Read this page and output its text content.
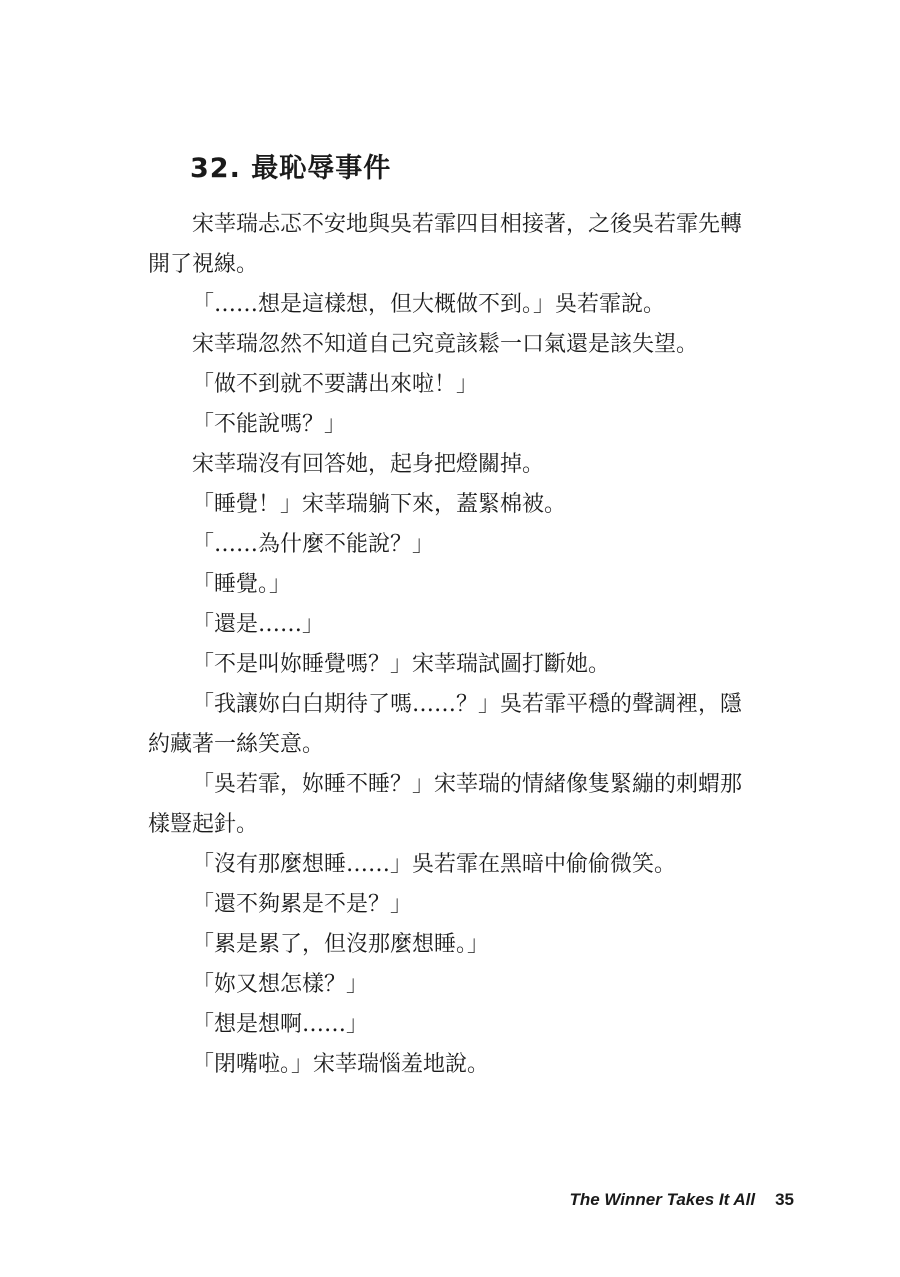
32. 最恥辱事件

宋莘瑞忐忑不安地與吳若霏四目相接著，之後吳若霏先轉開了視線。

「……想是這樣想，但大概做不到。」吳若霏說。

宋莘瑞忽然不知道自己究竟該鬆一口氣還是該失望。

「做不到就不要講出來啦！」

「不能說嗎？」

宋莘瑞沒有回答她，起身把燈關掉。

「睡覺！」宋莘瑞躺下來，蓋緊棉被。

「……為什麼不能說？」

「睡覺。」

「還是……」

「不是叫妳睡覺嗎？」宋莘瑞試圖打斷她。

「我讓妳白白期待了嗎……？」吳若霏平穩的聲調裡，隱約藏著一絲笑意。

「吳若霏，妳睡不睡？」宋莘瑞的情緒像隻緊繃的刺蝟那樣豎起針。

「沒有那麼想睡……」吳若霏在黑暗中偷偷微笑。

「還不夠累是不是？」

「累是累了，但沒那麼想睡。」

「妳又想怎樣？」

「想是想啊……」

「閉嘴啦。」宋莘瑞惱羞地說。

The Winner Takes It All 35
